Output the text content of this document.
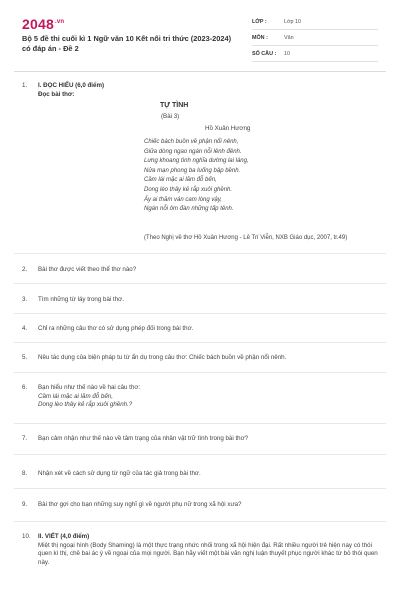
$2048^{.vn}$
Bộ 5 đề thi cuối kì 1 Ngữ văn 10 Kết nối tri thức (2023-2024) có đáp án - Đề 2
LỚP :	Lớp 10
MÔN :	Văn
SỐ CÂU :	10
1.	I. ĐỌC HIỂU (6,0 điểm)
Đọc bài thơ:
TỰ TÌNH
(Bài 3)
Hồ Xuân Hương
Chiếc bách buồn về phận nổi nênh,
Giữa dòng ngao ngán nỗi lênh đênh.
Lưng khoang tình nghĩa dường lai láng,
Nửa mạn phong ba luống bập bềnh.
Cầm lái mặc ai lăm đỗ bến,
Dong lèo thây kẻ rắp xuôi ghềnh.
Ấy ai thăm ván cam lòng vậy,
Ngán nỗi ôm đàn những tấp tênh.
(Theo Nghị về thơ Hồ Xuân Hương - Lê Trí Viễn, NXB Giáo dục, 2007, tr.49)
2.	Bài thơ được viết theo thể thơ nào?
3.	Tìm những từ láy trong bài thơ.
4.	Chỉ ra những câu thơ có sử dụng phép đối trong bài thơ.
5.	Nêu tác dụng của biện pháp tu từ ẩn dụ trong câu thơ: Chiếc bách buồn về phận nổi nênh.
6.	Bạn hiểu như thế nào về hai câu thơ:
Cầm lái mặc ai lăm đỗ bến,
Dong lèo thây kẻ rắp xuôi ghềnh.?
7.	Bạn cảm nhận như thế nào về tâm trạng của nhân vật trữ tình trong bài thơ?
8.	Nhận xét về cách sử dụng từ ngữ của tác giả trong bài thơ.
9.	Bài thơ gợi cho bạn những suy nghĩ gì về người phụ nữ trong xã hội xưa?
10.	II. VIẾT (4,0 điểm)
Miệt thị ngoại hình (Body Shaming) là một thực trạng nhức nhối trong xã hội hiện đại. Rất nhiều người trẻ hiện nay có thói quen kì thị, chê bai ác ý về ngoại của mọi người. Bạn hãy viết một bài văn nghị luận thuyết phục người khác từ bỏ thói quen này.
